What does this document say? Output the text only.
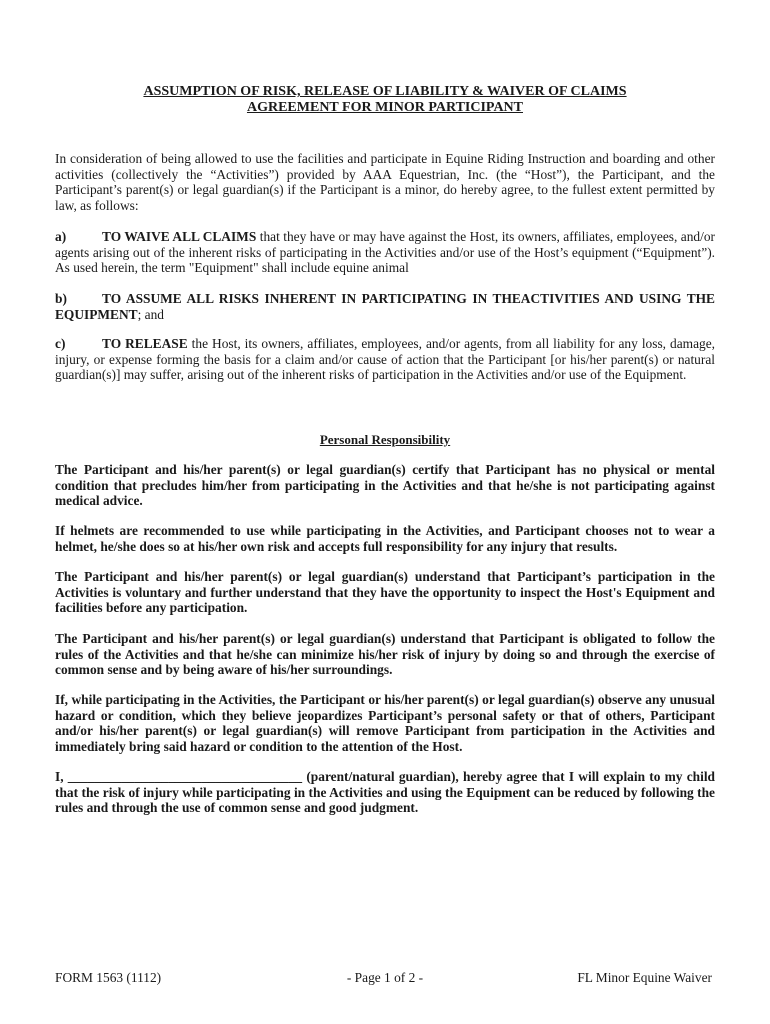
ASSUMPTION OF RISK, RELEASE OF LIABILITY & WAIVER OF CLAIMS
AGREEMENT FOR MINOR PARTICIPANT
In consideration of being allowed to use the facilities and participate in Equine Riding Instruction and boarding and other activities (collectively the “Activities”) provided by AAA Equestrian, Inc. (the “Host”), the Participant, and the Participant’s parent(s) or legal guardian(s) if the Participant is a minor, do hereby agree, to the fullest extent permitted by law, as follows:
a)	TO WAIVE ALL CLAIMS that they have or may have against the Host, its owners, affiliates, employees, and/or agents arising out of the inherent risks of participating in the Activities and/or use of the Host’s equipment (“Equipment”). As used herein, the term "Equipment" shall include equine animal
b)	TO ASSUME ALL RISKS INHERENT IN PARTICIPATING IN THEACTIVITIES AND USING THE EQUIPMENT; and
c)	TO RELEASE the Host, its owners, affiliates, employees, and/or agents, from all liability for any loss, damage, injury, or expense forming the basis for a claim and/or cause of action that the Participant [or his/her parent(s) or natural guardian(s)] may suffer, arising out of the inherent risks of participation in the Activities and/or use of the Equipment.
Personal Responsibility
The Participant and his/her parent(s) or legal guardian(s) certify that Participant has no physical or mental condition that precludes him/her from participating in the Activities and that he/she is not participating against medical advice.
If helmets are recommended to use while participating in the Activities, and Participant chooses not to wear a helmet, he/she does so at his/her own risk and accepts full responsibility for any injury that results.
The Participant and his/her parent(s) or legal guardian(s) understand that Participant’s participation in the Activities is voluntary and further understand that they have the opportunity to inspect the Host's Equipment and facilities before any participation.
The Participant and his/her parent(s) or legal guardian(s) understand that Participant is obligated to follow the rules of the Activities and that he/she can minimize his/her risk of injury by doing so and through the exercise of common sense and by being aware of his/her surroundings.
If, while participating in the Activities, the Participant or his/her parent(s) or legal guardian(s) observe any unusual hazard or condition, which they believe jeopardizes Participant’s personal safety or that of others, Participant and/or his/her parent(s) or legal guardian(s) will remove Participant from participation in the Activities and immediately bring said hazard or condition to the attention of the Host.
I, ___________________________________ (parent/natural guardian), hereby agree that I will explain to my child that the risk of injury while participating in the Activities and using the Equipment can be reduced by following the rules and through the use of common sense and good judgment.
FORM 1563 (1112)	- Page 1 of 2 -	FL Minor Equine Waiver
